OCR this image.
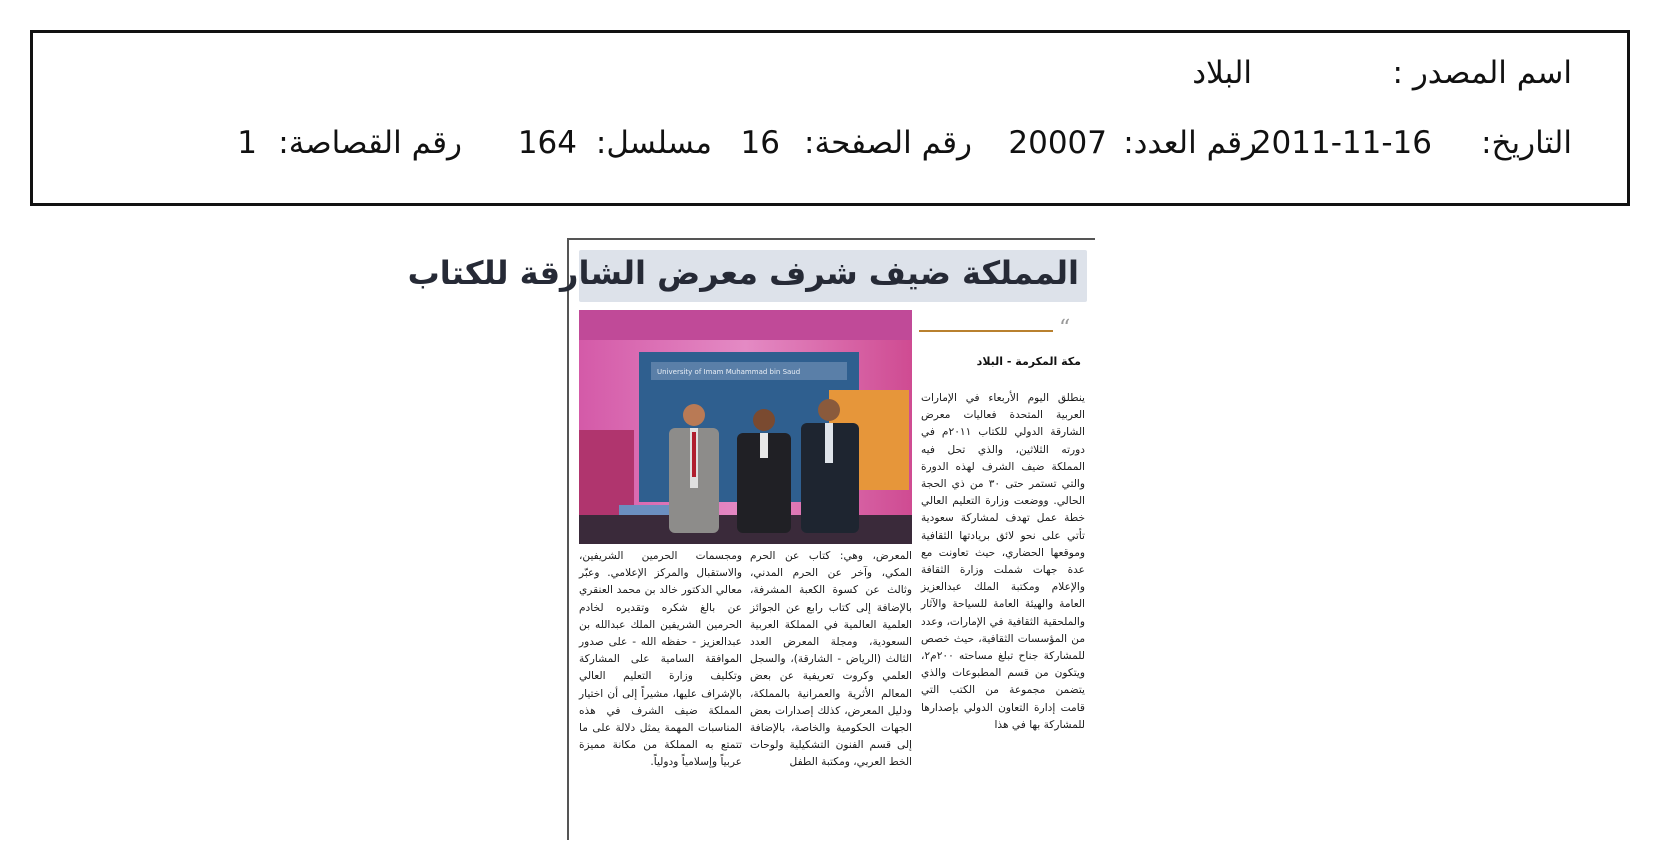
اسم المصدر :
البلاد
التاريخ:
2011-11-16
رقم العدد:
20007
رقم الصفحة:
16
مسلسل:
164
رقم القصاصة:
1
المملكة ضيف شرف معرض الشارقة للكتاب
University of Imam Muhammad bin Saud
“
مكة المكرمة - البلاد
ينطلق اليوم الأربعاء في الإمارات العربية المتحدة فعاليات معرض الشارقة الدولي للكتاب ٢٠١١م في دورته الثلاثين، والذي تحل فيه المملكة ضيف الشرف لهذه الدورة والتي تستمر حتى ٣٠ من ذي الحجة الحالي. ووضعت وزارة التعليم العالي خطة عمل تهدف لمشاركة سعودية تأتي على نحو لائق بريادتها الثقافية وموقعها الحضاري، حيث تعاونت مع عدة جهات شملت وزارة الثقافة والإعلام ومكتبة الملك عبدالعزيز العامة والهيئة العامة للسياحة والآثار والملحقية الثقافية في الإمارات، وعدد من المؤسسات الثقافية، حيث خصص للمشاركة جناح تبلغ مساحته ٢٠٠م٢، ويتكون من قسم المطبوعات والذي يتضمن مجموعة من الكتب التي قامت إدارة التعاون الدولي بإصدارها للمشاركة بها في هذا
المعرض، وهي: كتاب عن الحرم المكي، وآخر عن الحرم المدني، وثالث عن كسوة الكعبة المشرفة، بالإضافة إلى كتاب رابع عن الجوائز العلمية العالمية في المملكة العربية السعودية، ومجلة المعرض العدد الثالث (الرياض - الشارقة)، والسجل العلمي وكروت تعريفية عن بعض المعالم الأثرية والعمرانية بالمملكة، ودليل المعرض، كذلك إصدارات بعض الجهات الحكومية والخاصة، بالإضافة إلى قسم الفنون التشكيلية ولوحات الخط العربي، ومكتبة الطفل
ومجسمات الحرمين الشريفين، والاستقبال والمركز الإعلامي. وعبّر معالي الدكتور خالد بن محمد العنقري عن بالغ شكره وتقديره لخادم الحرمين الشريفين الملك عبدالله بن عبدالعزيز - حفظه الله - على صدور الموافقة السامية على المشاركة وتكليف وزارة التعليم العالي بالإشراف عليها، مشيراً إلى أن اختيار المملكة ضيف الشرف في هذه المناسبات المهمة يمثل دلالة على ما تتمتع به المملكة من مكانة مميزة عربياً وإسلامياً ودولياً.
